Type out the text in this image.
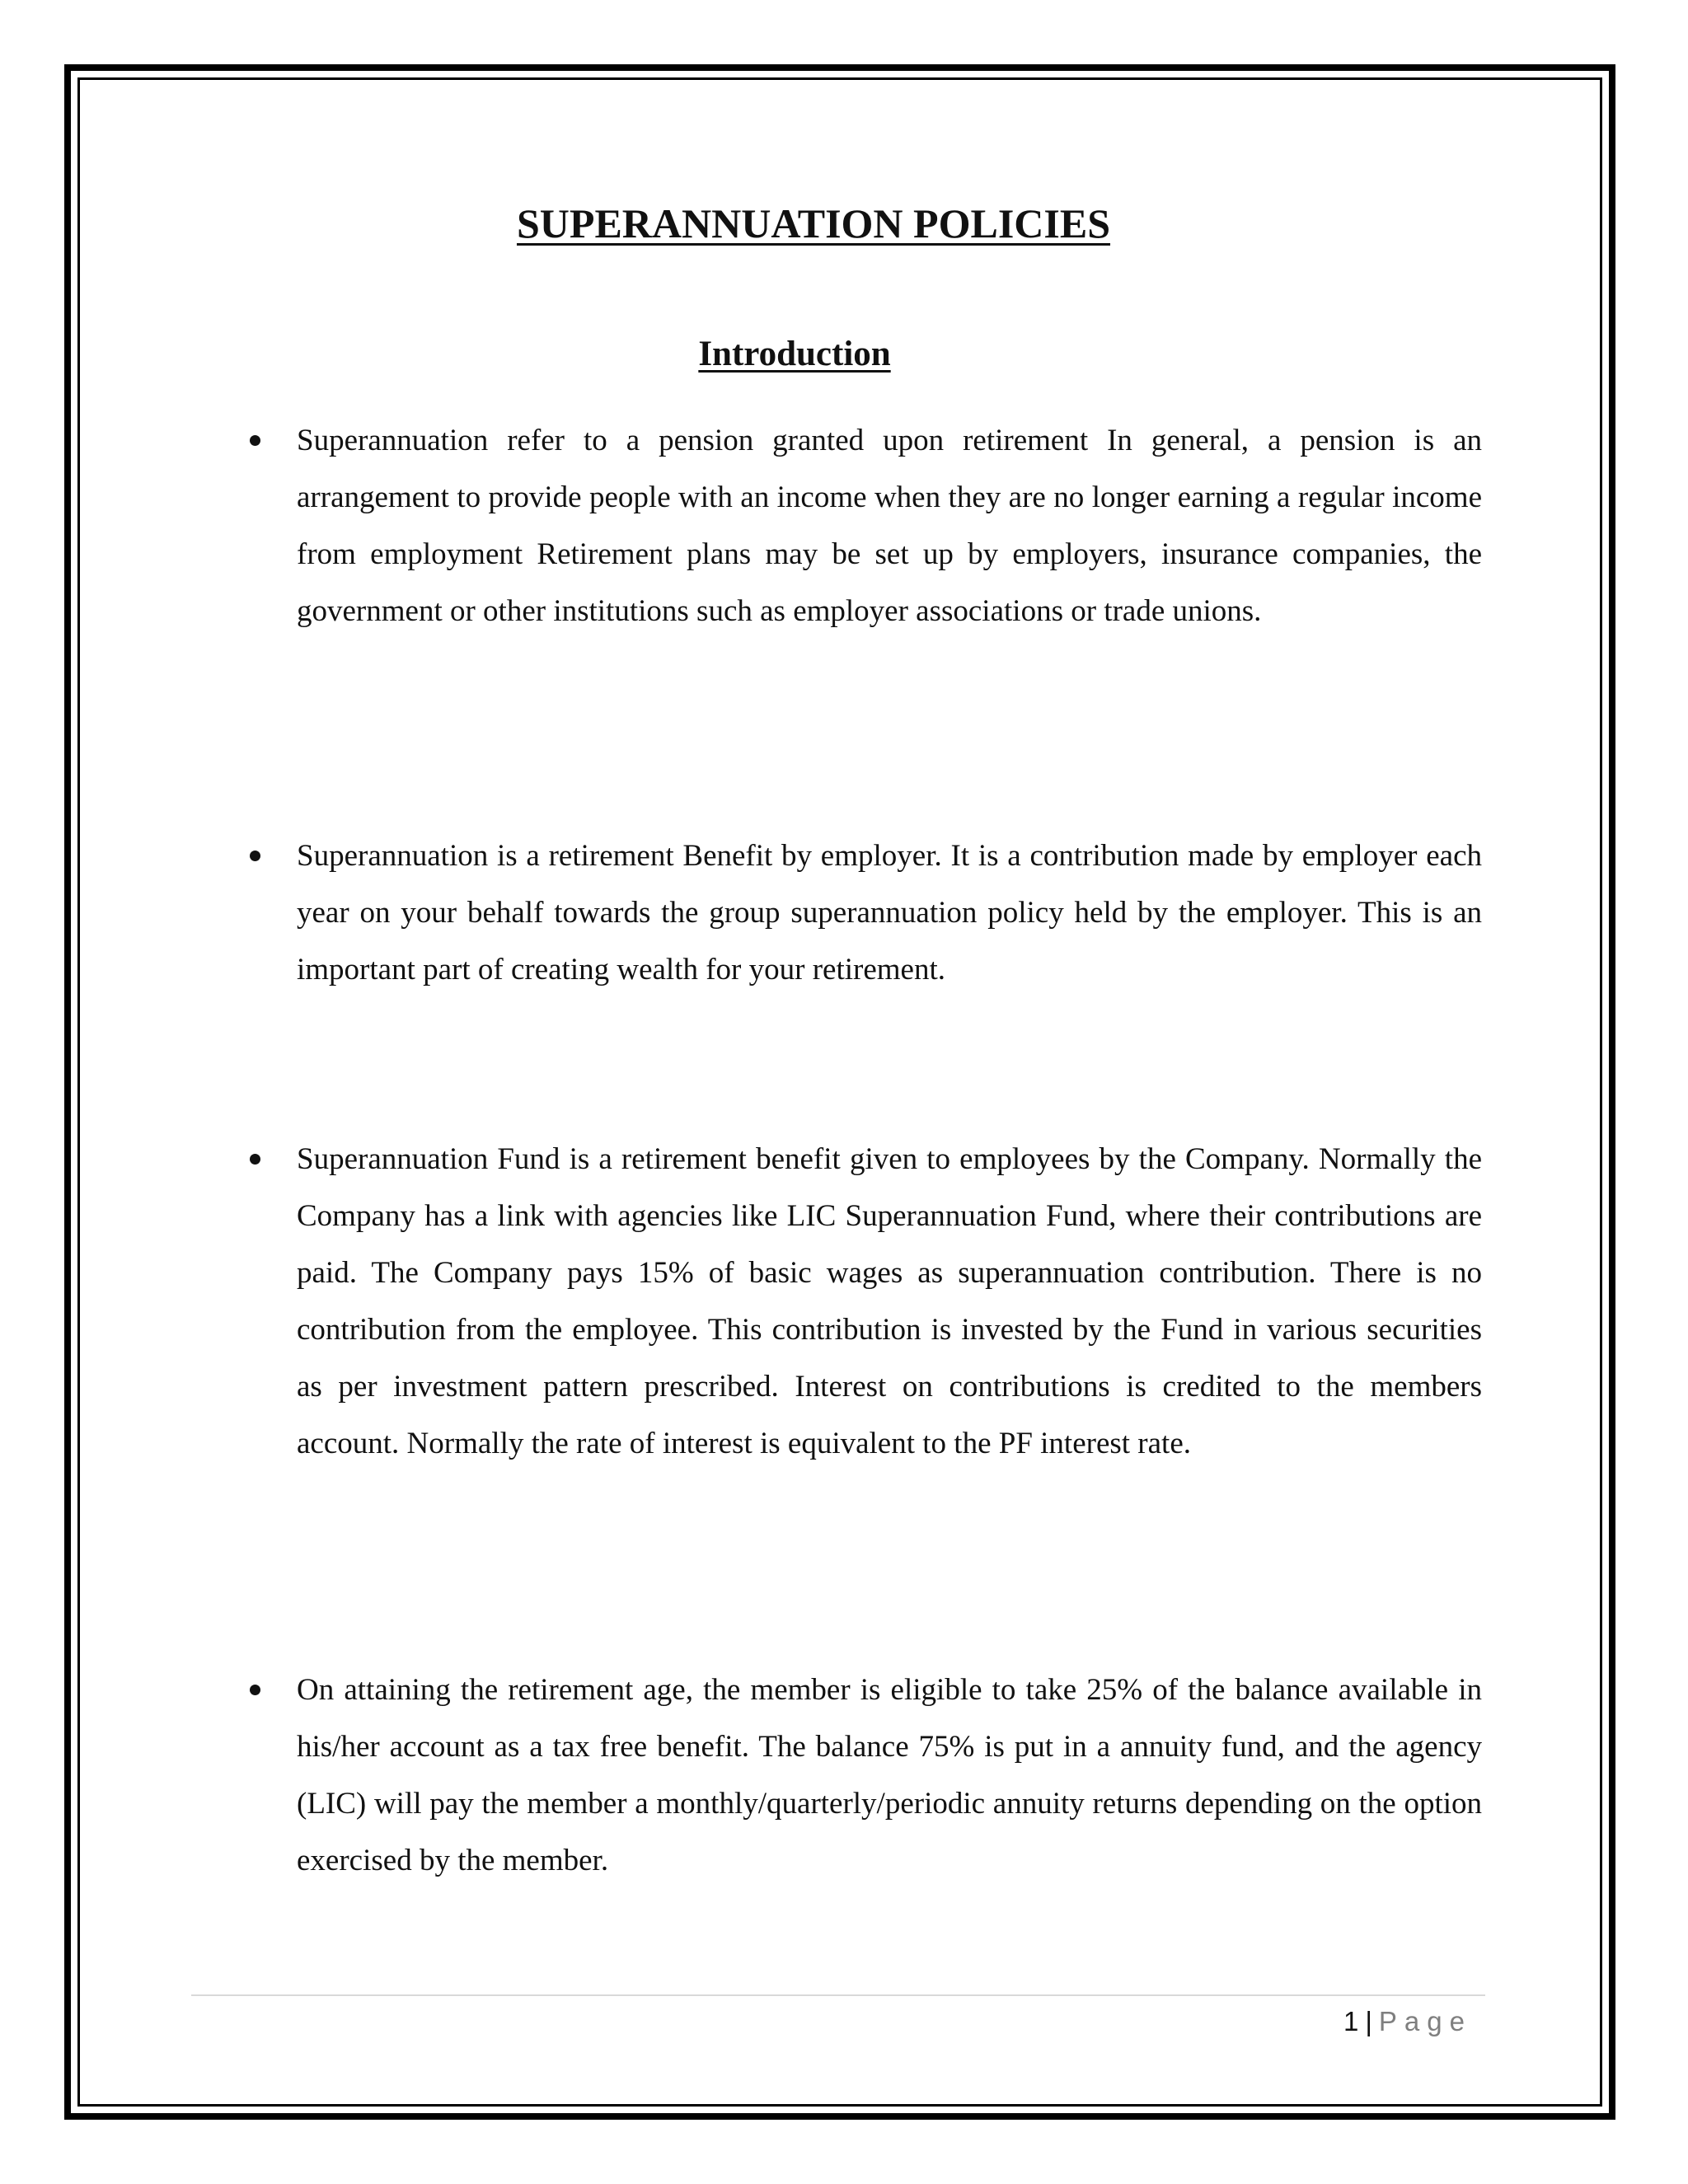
SUPERANNUATION POLICIES
Introduction

Superannuation refer to a pension granted upon retirement In general, a pension is an arrangement to provide people with an income when they are no longer earning a regular income from employment Retirement plans may be set up by employers, insurance companies, the government or other institutions such as employer associations or trade unions.

Superannuation is a retirement Benefit by employer. It is a contribution made by employer each year on your behalf towards the group superannuation policy held by the employer. This is an important part of creating wealth for your retirement.

Superannuation Fund is a retirement benefit given to employees by the Company. Normally the Company has a link with agencies like LIC Superannuation Fund, where their contributions are paid. The Company pays 15% of basic wages as superannuation contribution. There is no contribution from the employee. This contribution is invested by the Fund in various securities as per investment pattern prescribed. Interest on contributions is credited to the members account. Normally the rate of interest is equivalent to the PF interest rate.

On attaining the retirement age, the member is eligible to take 25% of the balance available in his/her account as a tax free benefit. The balance 75% is put in a annuity fund, and the agency (LIC) will pay the member a monthly/quarterly/periodic annuity returns depending on the option exercised by the member.

1 | Page
